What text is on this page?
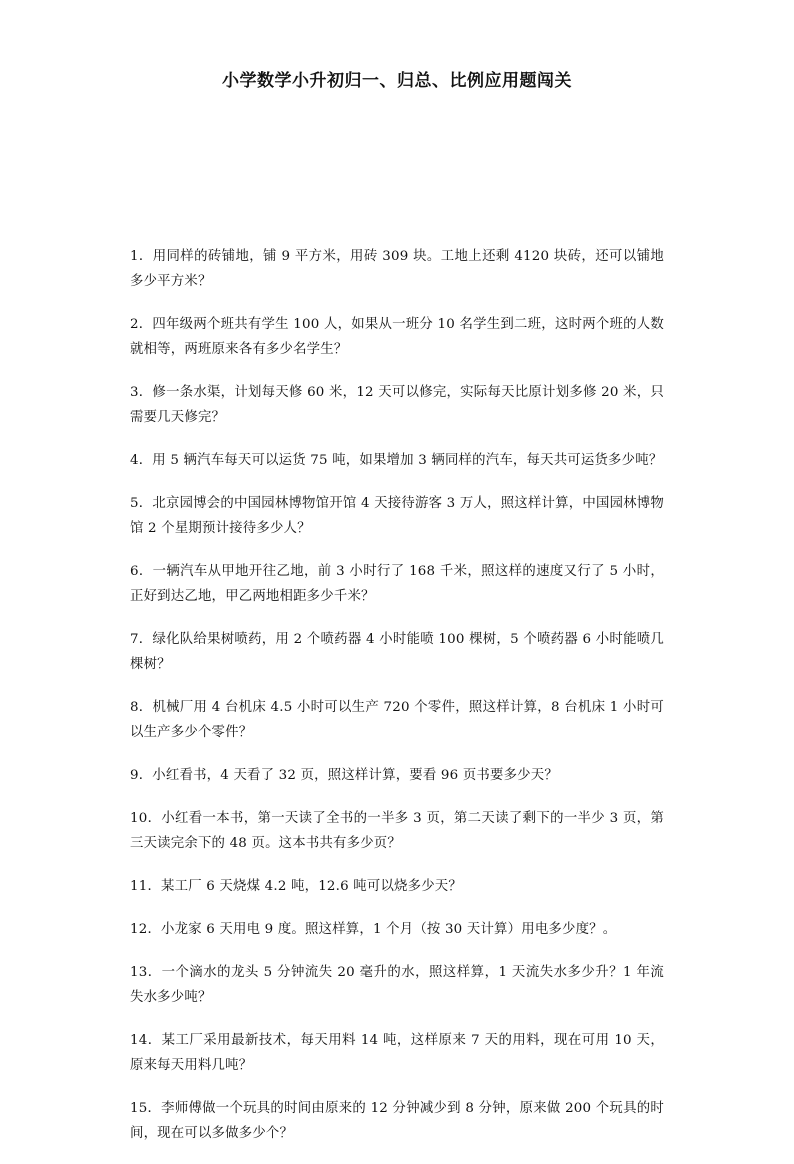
小学数学小升初归一、归总、比例应用题闯关
1．用同样的砖铺地，铺 9 平方米，用砖 309 块。工地上还剩 4120 块砖，还可以铺地多少平方米？
2．四年级两个班共有学生 100 人，如果从一班分 10 名学生到二班，这时两个班的人数就相等，两班原来各有多少名学生？
3．修一条水渠，计划每天修 60 米，12 天可以修完，实际每天比原计划多修 20 米，只需要几天修完？
4．用 5 辆汽车每天可以运货 75 吨，如果增加 3 辆同样的汽车，每天共可运货多少吨？
5．北京园博会的中国园林博物馆开馆 4 天接待游客 3 万人，照这样计算，中国园林博物馆 2 个星期预计接待多少人？
6．一辆汽车从甲地开往乙地，前 3 小时行了 168 千米，照这样的速度又行了 5 小时，正好到达乙地，甲乙两地相距多少千米？
7．绿化队给果树喷药，用 2 个喷药器 4 小时能喷 100 棵树，5 个喷药器 6 小时能喷几棵树？
8．机械厂用 4 台机床 4.5 小时可以生产 720 个零件，照这样计算，8 台机床 1 小时可以生产多少个零件？
9．小红看书，4 天看了 32 页，照这样计算，要看 96 页书要多少天？
10．小红看一本书，第一天读了全书的一半多 3 页，第二天读了剩下的一半少 3 页，第三天读完余下的 48 页。这本书共有多少页？
11．某工厂 6 天烧煤 4.2 吨，12.6 吨可以烧多少天？
12．小龙家 6 天用电 9 度。照这样算，1 个月（按 30 天计算）用电多少度？。
13．一个滴水的龙头 5 分钟流失 20 毫升的水，照这样算，1 天流失水多少升？1 年流失水多少吨？
14．某工厂采用最新技术，每天用料 14 吨，这样原来 7 天的用料，现在可用 10 天，原来每天用料几吨？
15．李师傅做一个玩具的时间由原来的 12 分钟减少到 8 分钟，原来做 200 个玩具的时间，现在可以多做多少个？
